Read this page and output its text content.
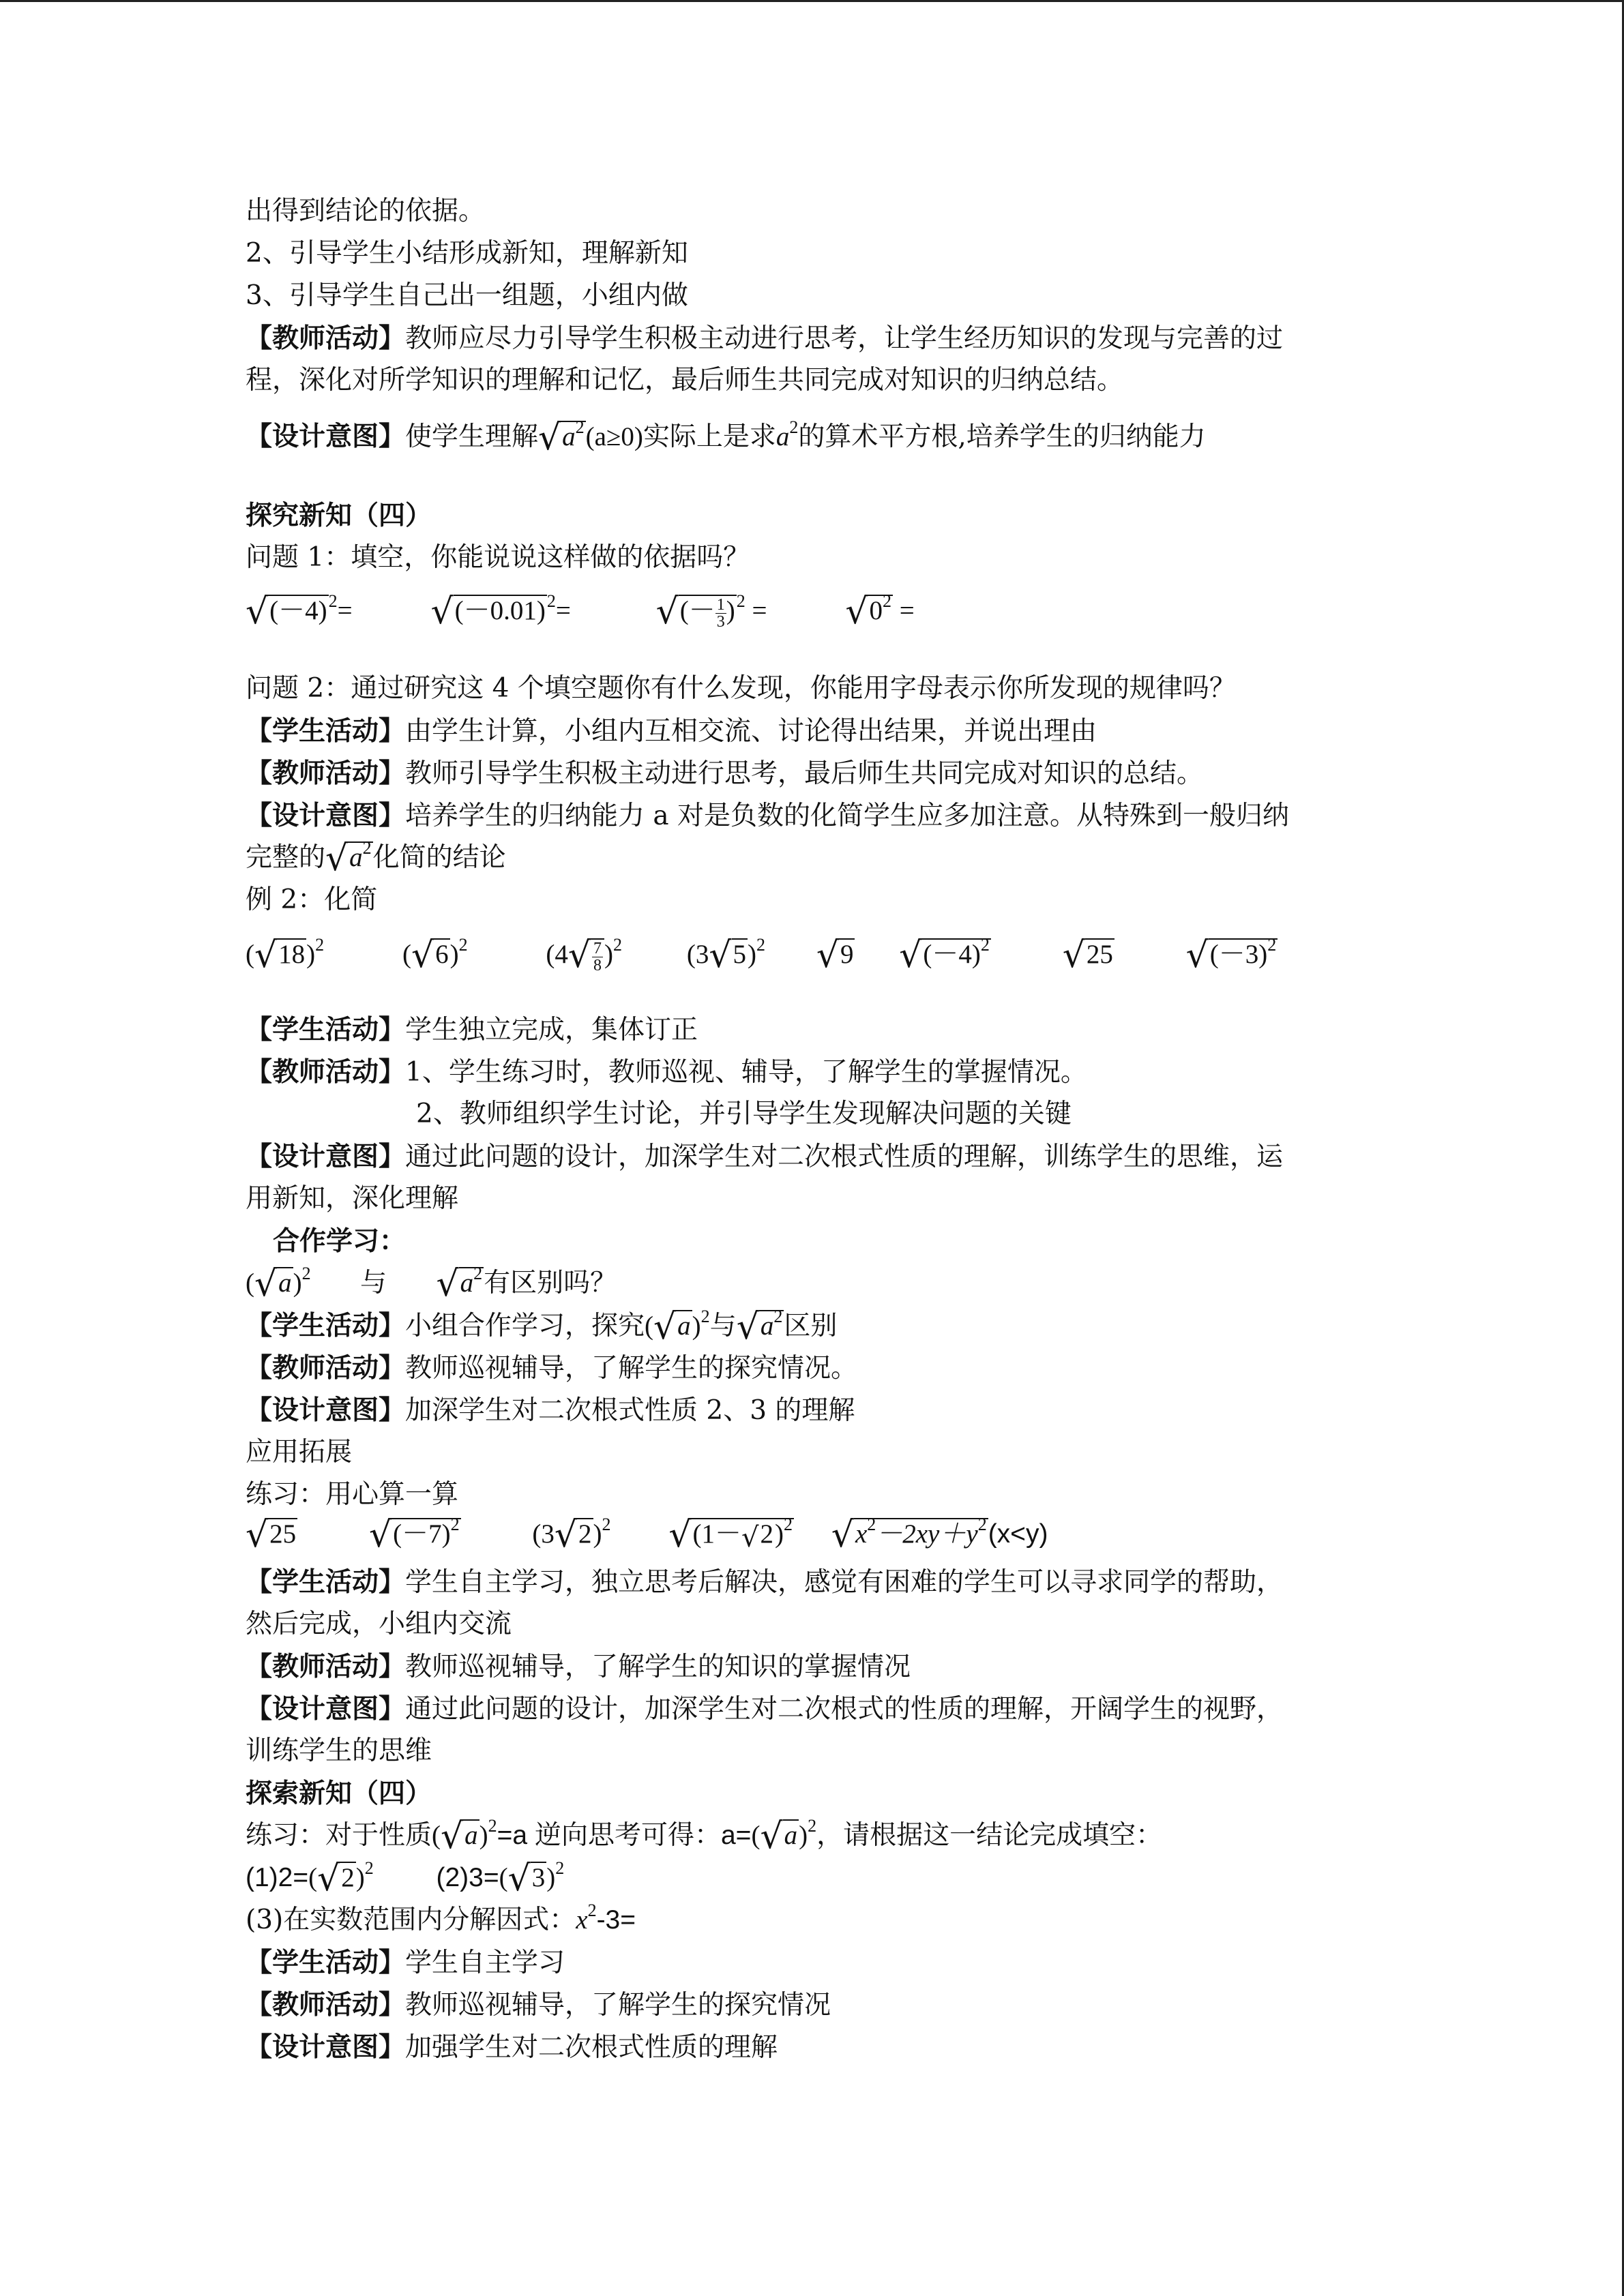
出得到结论的依据。
2、引导学生小结形成新知，理解新知
3、引导学生自己出一组题，小组内做
【教师活动】教师应尽力引导学生积极主动进行思考，让学生经历知识的发现与完善的过
程，深化对所学知识的理解和记忆，最后师生共同完成对知识的归纳总结。
【设计意图】使学生理解$√a^2(a\ge 0)$实际上是求$a^2$的算术平方根,培养学生的归纳能力
探究新知（四）
问题 1：填空，你能说说这样做的依据吗？
$√(-4)^2= √(-0.01)^2=$ √(－ $\frac{1}{3} )^2 = √0^2$ =
问题 2：通过研究这 4 个填空题你有什么发现，你能用字母表示你所发现的规律吗？
【学生活动】由学生计算，小组内互相交流、讨论得出结果，并说出理由
【教师活动】教师引导学生积极主动进行思考，最后师生共同完成对知识的总结。
【设计意图】培养学生的归纳能力 a 对是负数的化简学生应多加注意。从特殊到一般归纳
完整的$√a^2$化简的结论
例 2：化简
$(√18)^2$	$(√6)^2$	$(4√ \frac{7}{8} )^2$ $(3√5)^2$ √9 $√(-4)^2$ √25 $√(-3)^2$
【学生活动】学生独立完成，集体订正
【教师活动】1、学生练习时，教师巡视、辅导，了解学生的掌握情况。
2、教师组织学生讨论，并引导学生发现解决问题的关键
【设计意图】通过此问题的设计，加深学生对二次根式性质的理解，训练学生的思维，运
用新知，深化理解
合作学习：
$(√a)^2$ 与 $√a^2$有区别吗？
【学生活动】小组合作学习，探究$(√a)^2$与$√a^2$区别
【教师活动】教师巡视辅导，了解学生的探究情况。
【设计意图】加深学生对二次根式性质 2、3 的理解
应用拓展
练习：用心算一算
√25 $√(-7)^2$	$(3√2)^2$ $√(1-√2)^2$ $√x^2-2xy+y^2(x<y)$
【学生活动】学生自主学习，独立思考后解决，感觉有困难的学生可以寻求同学的帮助，
然后完成，小组内交流
【教师活动】教师巡视辅导，了解学生的知识的掌握情况
【设计意图】通过此问题的设计，加深学生对二次根式的性质的理解，开阔学生的视野，
训练学生的思维
探索新知（四）
练习：对于性质$(√a)^2=a$ 逆向思考可得：$a=(√a)^2$，请根据这一结论完成填空：
$(1)2=(√2)^2$ $(2)3=(√3)^2$
(3)在实数范围内分解因式：$x^2-3=$
【学生活动】学生自主学习
【教师活动】教师巡视辅导，了解学生的探究情况
【设计意图】加强学生对二次根式性质的理解
